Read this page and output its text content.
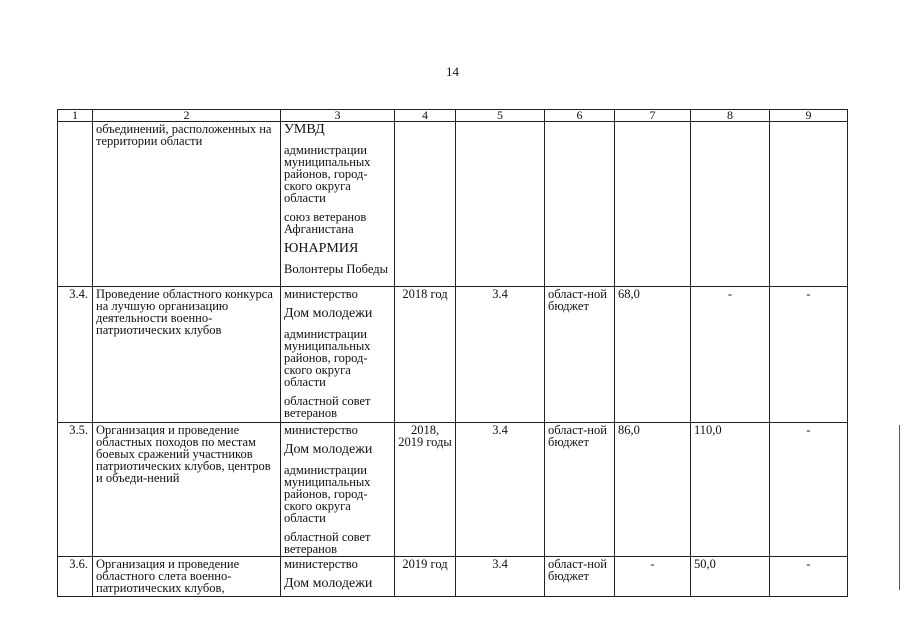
14
1	2	3	4	5	6	7	8	9
	объединений, расположенных на территории области	УМВД
администрации муниципальных районов, город-ского округа области
союз ветеранов Афганистана
ЮНАРМИЯ
Волонтеры Победы						

3.4.	Проведение областного конкурса на лучшую организацию деятельности военно-патриотических клубов	министерство
Дом молодежи
администрации муниципальных районов, город-ского округа области
областной совет ветеранов	2018 год	3.4	област-ной бюджет	68,0	-	-
3.5.	Организация и проведение областных походов по местам боевых сражений участников патриотических клубов, центров и объеди-нений	министерство
Дом молодежи
администрации муниципальных районов, город-ского округа области
областной совет ветеранов	2018, 2019 годы	3.4	област-ной бюджет	86,0	110,0	-
3.6.	Организация и проведение областного слета военно-патриотических клубов,	министерство
Дом молодежи	2019 год	3.4	област-ной бюджет	-	50,0	-
